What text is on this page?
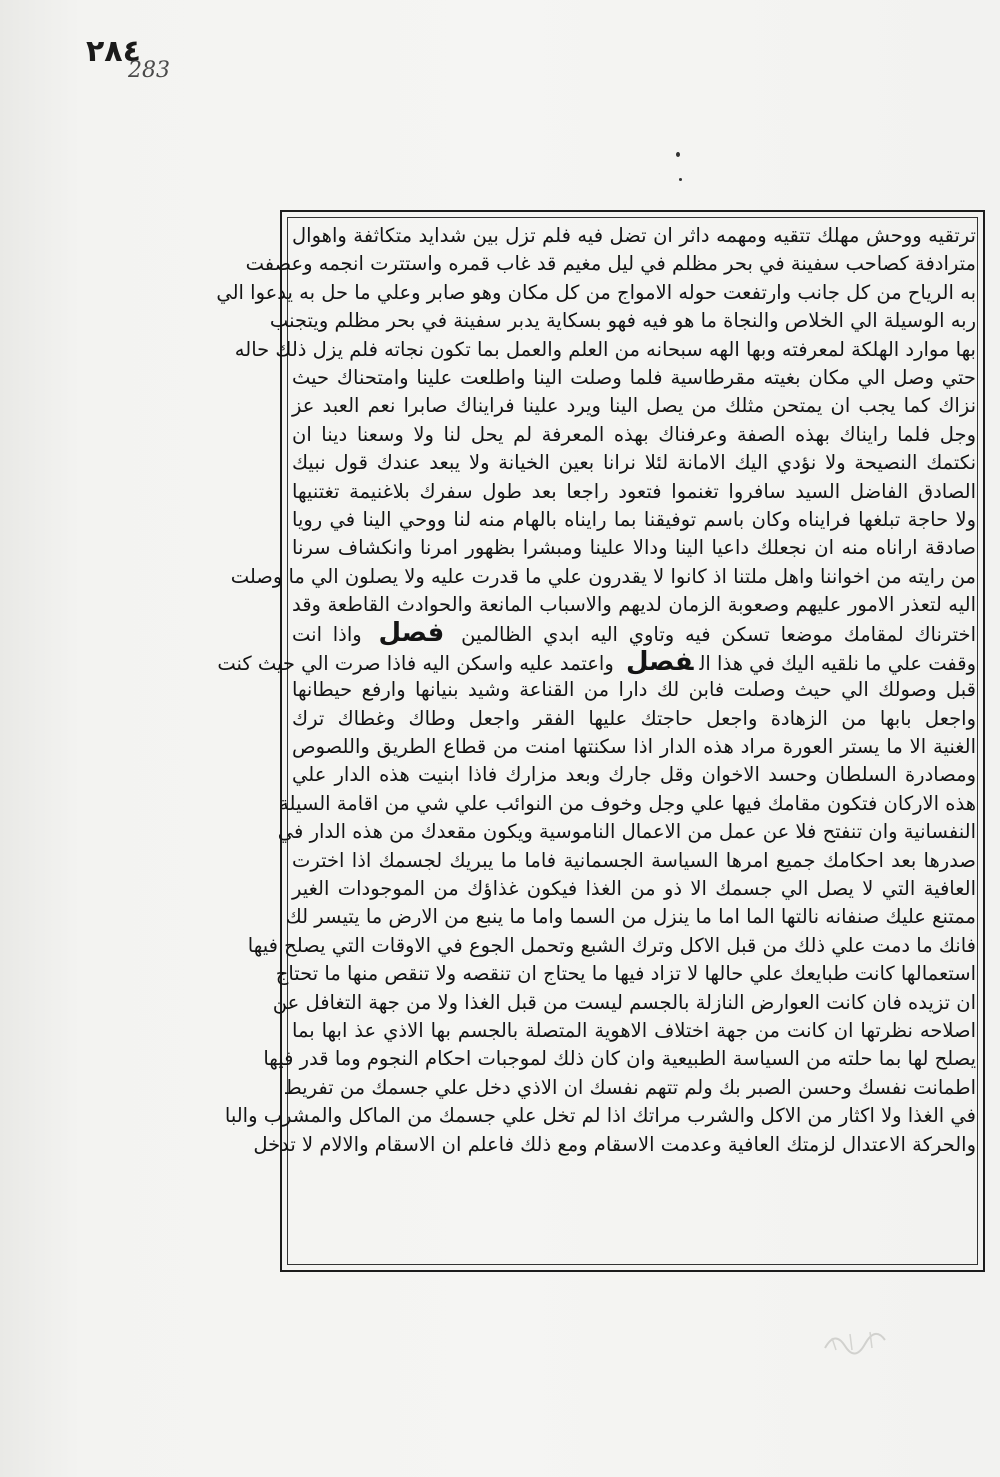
٢٨٤
283
ترتقيه ووحش مهلك تتقيه ومهمه داثر ان تضل فيه فلم تزل بين شدايد متكاثفة واهوال
مترادفة كصاحب سفينة في بحر مظلم في ليل مغيم قد غاب قمره واستترت انجمه وعصفت
به الرياح من كل جانب وارتفعت حوله الامواج من كل مكان وهو صابر وعلي ما حل به يدعوا الي
ربه الوسيلة الي الخلاص والنجاة ما هو فيه فهو بسكاية يدبر سفينة في بحر مظلم ويتجنب
بها موارد الهلكة لمعرفته وبها الهه سبحانه من العلم والعمل بما تكون نجاته فلم يزل ذلك حاله
حتي وصل الي مكان بغيته مقرطاسية فلما وصلت الينا واطلعت علينا وامتحناك حيث
نزاك كما يجب ان يمتحن مثلك من يصل الينا ويرد علينا فرايناك صابرا نعم العبد عز
وجل فلما رايناك بهذه الصفة وعرفناك بهذه المعرفة لم يحل لنا ولا وسعنا دينا ان
نكتمك النصيحة ولا نؤدي اليك الامانة لئلا نرانا بعين الخيانة ولا يبعد عندك قول نبيك
الصادق الفاضل السيد سافروا تغنموا فتعود راجعا بعد طول سفرك بلاغنيمة تغتنيها
ولا حاجة تبلغها فرايناه وكان باسم توفيقنا بما رايناه بالهام منه لنا ووحي الينا في رويا
صادقة اراناه منه ان نجعلك داعيا الينا ودالا علينا ومبشرا بظهور امرنا وانكشاف سرنا
من رايته من اخواننا واهل ملتنا اذ كانوا لا يقدرون علي ما قدرت عليه ولا يصلون الي ما وصلت
اليه لتعذر الامور عليهم وصعوبة الزمان لديهم والاسباب المانعة والحوادث القاطعة وقد
اخترناك لمقامك موضعا تسكن فيه وتاوي اليه ابدي الظالمين فصل واذا انت
وقفت علي ما نلقيه اليك في هذا الفصل واعتمد عليه واسكن اليه فاذا صرت الي حيث كنت
قبل وصولك الي حيث وصلت فابن لك دارا من القناعة وشيد بنيانها وارفع حيطانها
واجعل بابها من الزهادة واجعل حاجتك عليها الفقر واجعل وطاك وغطاك ترك
الغنية الا ما يستر العورة مراد هذه الدار اذا سكنتها امنت من قطاع الطريق واللصوص
ومصادرة السلطان وحسد الاخوان وقل جارك وبعد مزارك فاذا ابنيت هذه الدار علي
هذه الاركان فتكون مقامك فيها علي وجل وخوف من النوائب علي شي من اقامة السيلة
النفسانية وان تنفتح فلا عن عمل من الاعمال الناموسية ويكون مقعدك من هذه الدار في
صدرها بعد احكامك جميع امرها السياسة الجسمانية فاما ما يبريك لجسمك اذا اخترت
العافية التي لا يصل الي جسمك الا ذو من الغذا فيكون غذاؤك من الموجودات الغير
ممتنع عليك صنفانه نالتها الما اما ما ينزل من السما واما ما ينبع من الارض ما يتيسر لك
فانك ما دمت علي ذلك من قبل الاكل وترك الشبع وتحمل الجوع في الاوقات التي يصلح فيها
استعمالها كانت طبايعك علي حالها لا تزاد فيها ما يحتاج ان تنقصه ولا تنقص منها ما تحتاج
ان تزيده فان كانت العوارض النازلة بالجسم ليست من قبل الغذا ولا من جهة التغافل عن
اصلاحه نظرتها ان كانت من جهة اختلاف الاهوية المتصلة بالجسم بها الاذي عذ ابها بما
يصلح لها بما حلته من السياسة الطبيعية وان كان ذلك لموجبات احكام النجوم وما قدر فيها
اطمانت نفسك وحسن الصبر بك ولم تتهم نفسك ان الاذي دخل علي جسمك من تفريط
في الغذا ولا اكثار من الاكل والشرب مراتك اذا لم تخل علي جسمك من الماكل والمشرب والبا
والحركة الاعتدال لزمتك العافية وعدمت الاسقام ومع ذلك فاعلم ان الاسقام والالام لا تدخل
